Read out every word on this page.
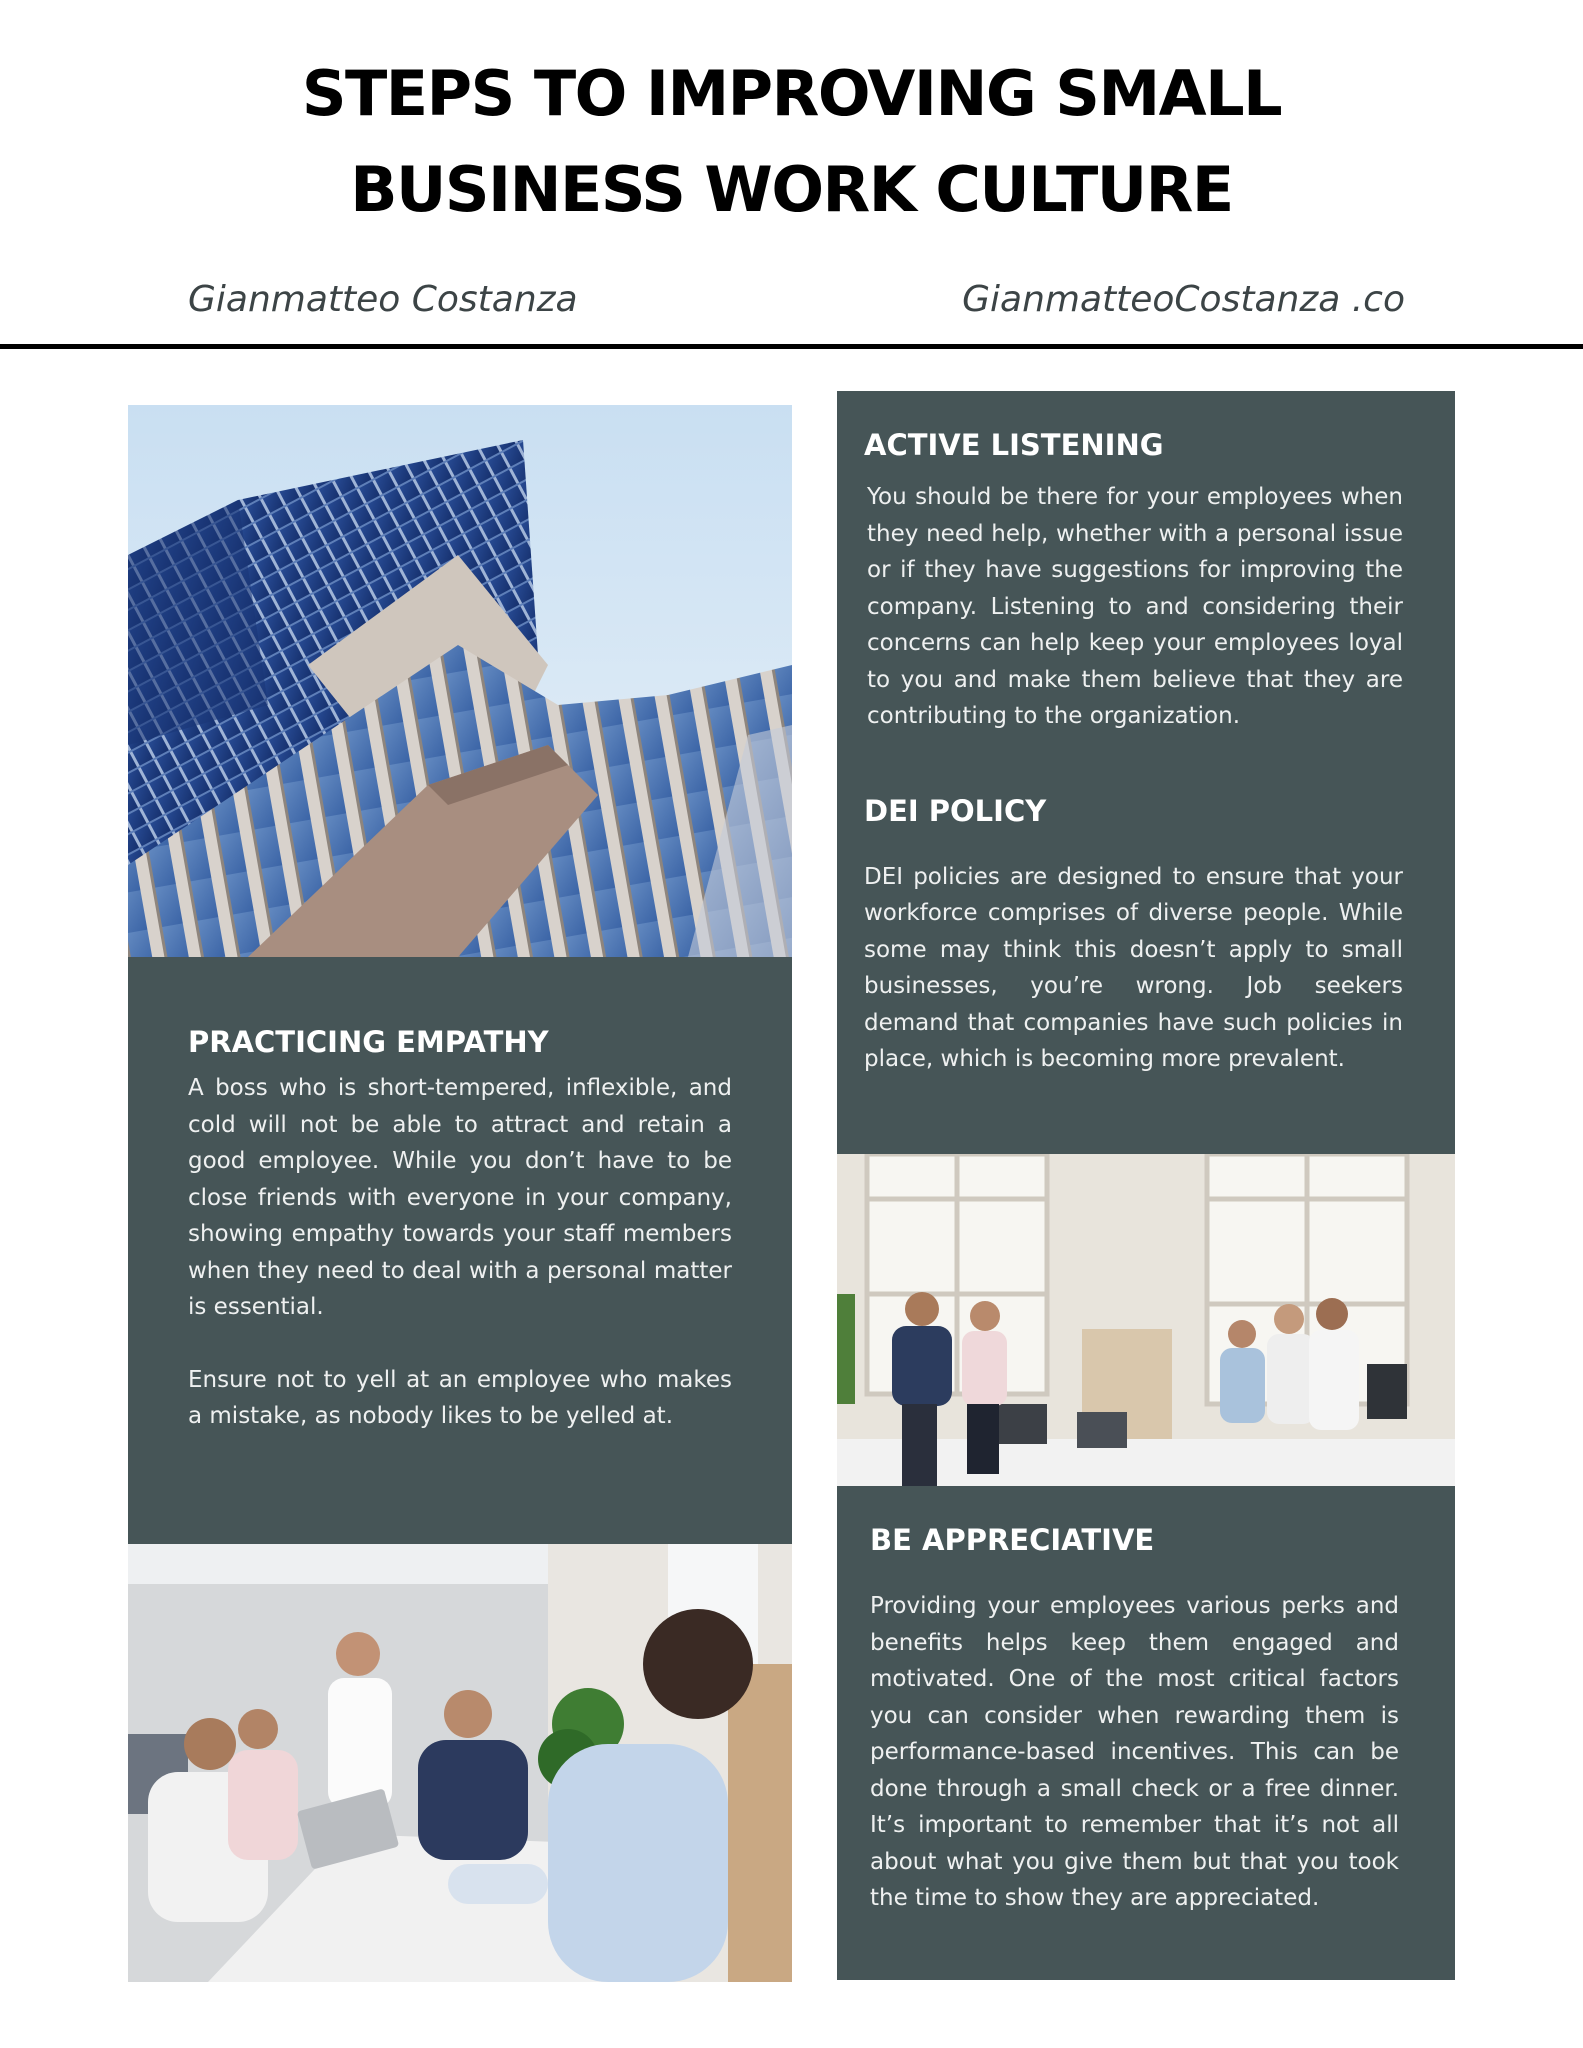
STEPS TO IMPROVING SMALL
BUSINESS WORK CULTURE

Gianmatteo Costanza	GianmatteoCostanza .co

PRACTICING EMPATHY

A boss who is short-tempered, inflexible, and cold will not be able to attract and retain a good employee. While you don’t have to be close friends with everyone in your company, showing empathy towards your staff members when they need to deal with a personal matter is essential.

Ensure not to yell at an employee who makes a mistake, as nobody likes to be yelled at.

ACTIVE LISTENING

You should be there for your employees when they need help, whether with a personal issue or if they have suggestions for improving the company. Listening to and considering their concerns can help keep your employees loyal to you and make them believe that they are contributing to the organization.

DEI POLICY

DEI policies are designed to ensure that your workforce comprises of diverse people. While some may think this doesn’t apply to small businesses, you’re wrong. Job seekers demand that companies have such policies in place, which is becoming more prevalent.

BE APPRECIATIVE

Providing your employees various perks and benefits helps keep them engaged and motivated. One of the most critical factors you can consider when rewarding them is performance-based incentives. This can be done through a small check or a free dinner. It’s important to remember that it’s not all about what you give them but that you took the time to show they are appreciated.
